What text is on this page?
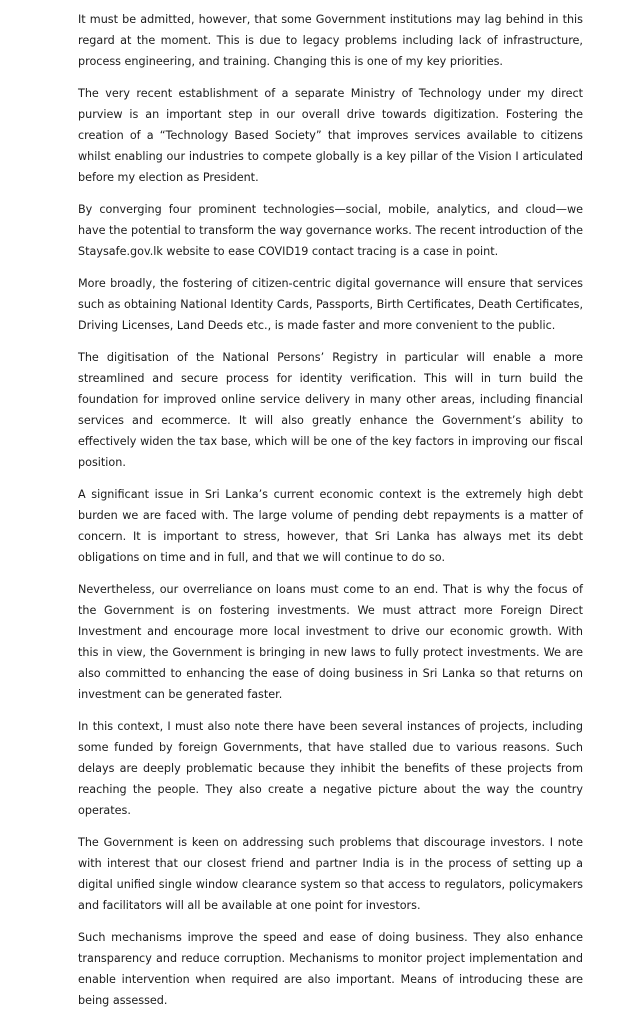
It must be admitted, however, that some Government institutions may lag behind in this regard at the moment. This is due to legacy problems including lack of infrastructure, process engineering, and training. Changing this is one of my key priorities.

The very recent establishment of a separate Ministry of Technology under my direct purview is an important step in our overall drive towards digitization. Fostering the creation of a “Technology Based Society” that improves services available to citizens whilst enabling our industries to compete globally is a key pillar of the Vision I articulated before my election as President.

By converging four prominent technologies—social, mobile, analytics, and cloud—we have the potential to transform the way governance works. The recent introduction of the Staysafe.gov.lk website to ease COVID19 contact tracing is a case in point.

More broadly, the fostering of citizen-centric digital governance will ensure that services such as obtaining National Identity Cards, Passports, Birth Certificates, Death Certificates, Driving Licenses, Land Deeds etc., is made faster and more convenient to the public.

The digitisation of the National Persons’ Registry in particular will enable a more streamlined and secure process for identity verification. This will in turn build the foundation for improved online service delivery in many other areas, including financial services and ecommerce. It will also greatly enhance the Government’s ability to effectively widen the tax base, which will be one of the key factors in improving our fiscal position.

A significant issue in Sri Lanka’s current economic context is the extremely high debt burden we are faced with. The large volume of pending debt repayments is a matter of concern. It is important to stress, however, that Sri Lanka has always met its debt obligations on time and in full, and that we will continue to do so.

Nevertheless, our overreliance on loans must come to an end. That is why the focus of the Government is on fostering investments. We must attract more Foreign Direct Investment and encourage more local investment to drive our economic growth. With this in view, the Government is bringing in new laws to fully protect investments. We are also committed to enhancing the ease of doing business in Sri Lanka so that returns on investment can be generated faster.

In this context, I must also note there have been several instances of projects, including some funded by foreign Governments, that have stalled due to various reasons. Such delays are deeply problematic because they inhibit the benefits of these projects from reaching the people. They also create a negative picture about the way the country operates.

The Government is keen on addressing such problems that discourage investors. I note with interest that our closest friend and partner India is in the process of setting up a digital unified single window clearance system so that access to regulators, policymakers and facilitators will all be available at one point for investors.

Such mechanisms improve the speed and ease of doing business. They also enhance transparency and reduce corruption. Mechanisms to monitor project implementation and enable intervention when required are also important. Means of introducing these are being assessed.
